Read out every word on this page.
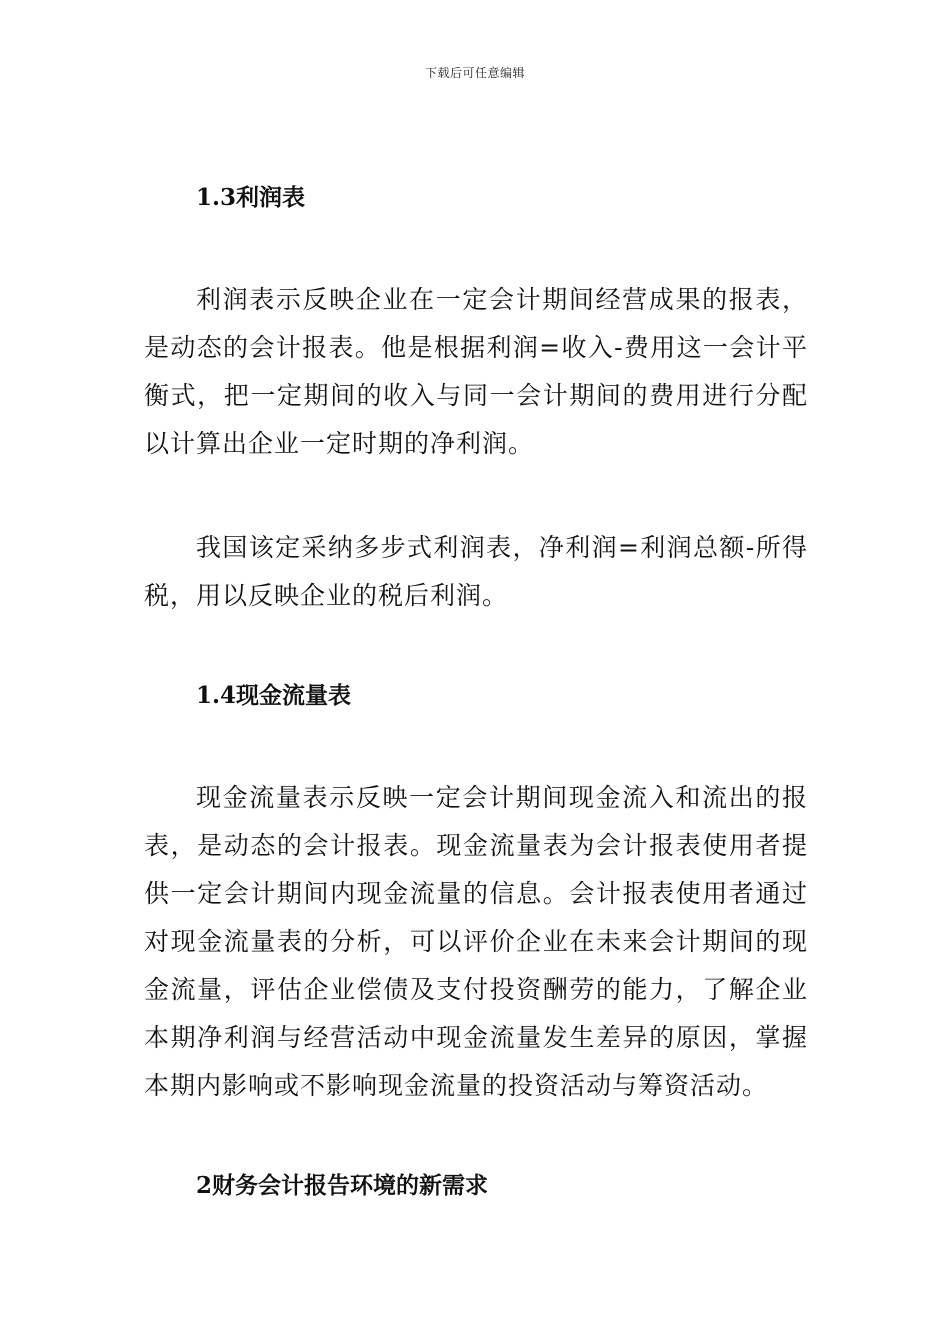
下载后可任意编辑
1.3利润表

利润表示反映企业在一定会计期间经营成果的报表，是动态的会计报表。他是根据利润=收入-费用这一会计平衡式，把一定期间的收入与同一会计期间的费用进行分配以计算出企业一定时期的净利润。

我国该定采纳多步式利润表，净利润=利润总额-所得税，用以反映企业的税后利润。

1.4现金流量表

现金流量表示反映一定会计期间现金流入和流出的报表，是动态的会计报表。现金流量表为会计报表使用者提供一定会计期间内现金流量的信息。会计报表使用者通过对现金流量表的分析，可以评价企业在未来会计期间的现金流量，评估企业偿债及支付投资酬劳的能力，了解企业本期净利润与经营活动中现金流量发生差异的原因，掌握本期内影响或不影响现金流量的投资活动与筹资活动。

2财务会计报告环境的新需求
